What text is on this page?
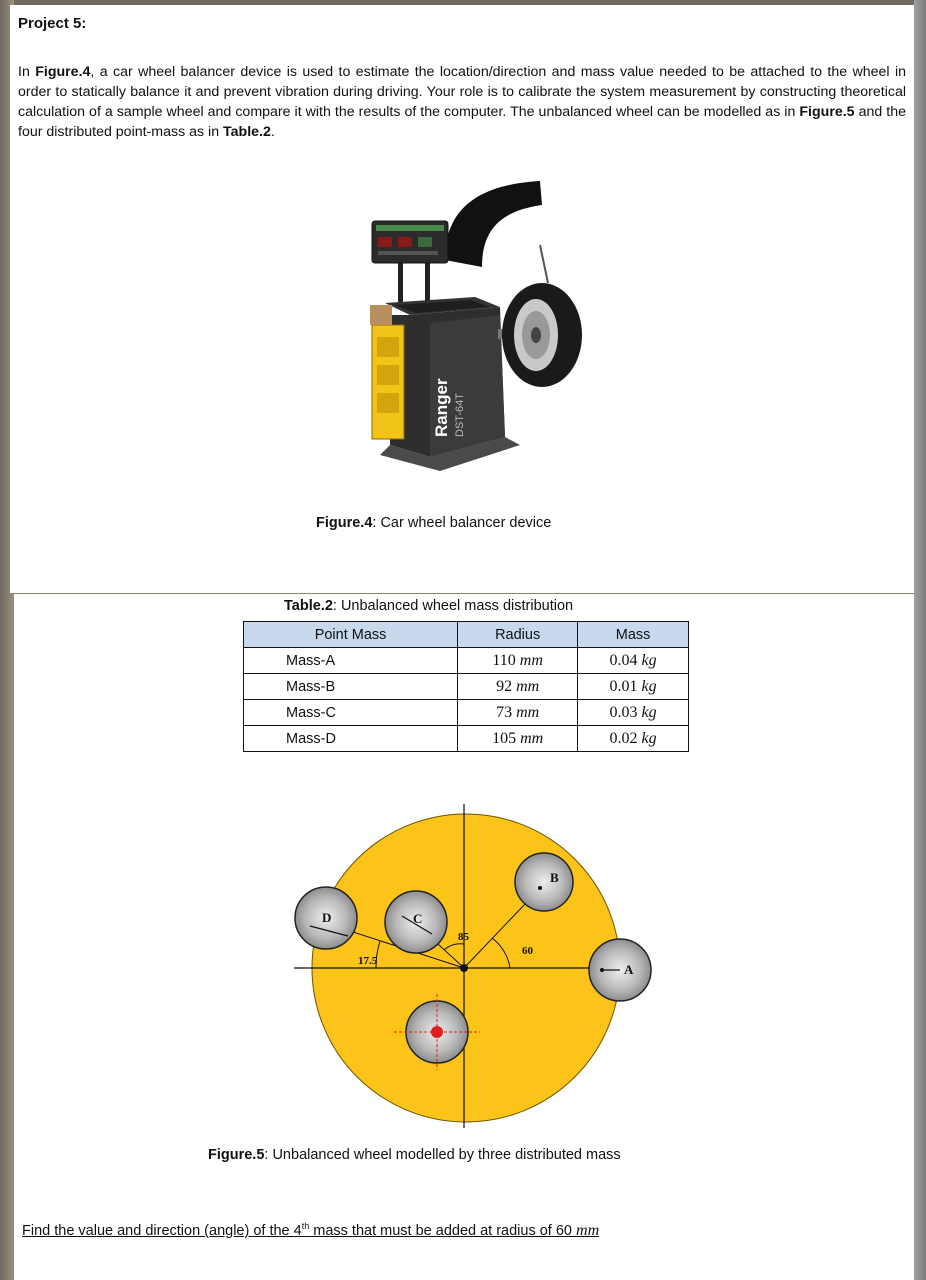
Project 5:
In Figure.4, a car wheel balancer device is used to estimate the location/direction and mass value needed to be attached to the wheel in order to statically balance it and prevent vibration during driving. Your role is to calibrate the system measurement by constructing theoretical calculation of a sample wheel and compare it with the results of the computer. The unbalanced wheel can be modelled as in Figure.5 and the four distributed point-mass as in Table.2.
Ranger DST-64T
Figure.4: Car wheel balancer device
Table.2: Unbalanced wheel mass distribution
Point Mass	Radius	Mass
Mass-A	110 mm	0.04 kg
Mass-B	92 mm	0.01 kg
Mass-C	73 mm	0.03 kg
Mass-D	105 mm	0.02 kg
60
85
17.5
A
B
C
D
Figure.5: Unbalanced wheel modelled by three distributed mass
Find the value and direction (angle) of the 4th mass that must be added at radius of 60 mm
